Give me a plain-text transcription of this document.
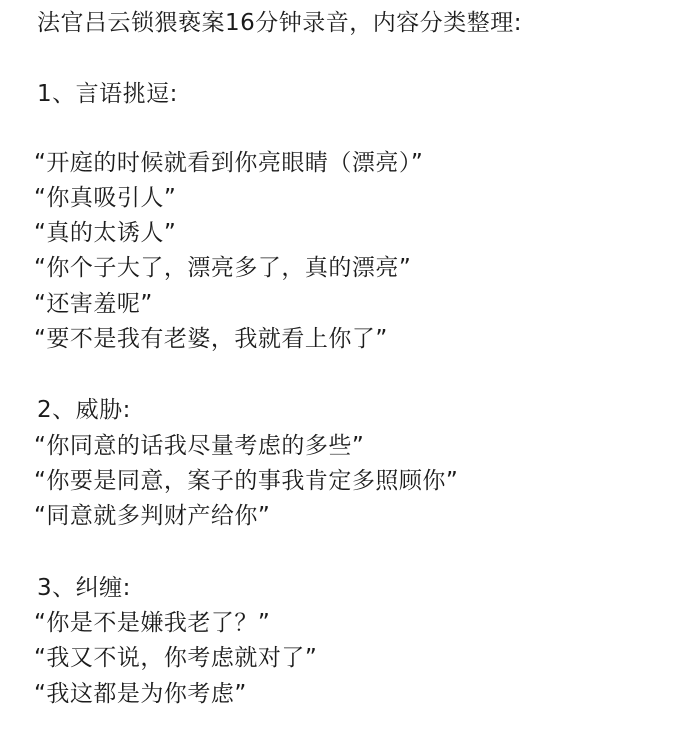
法官吕云锁猥亵案16分钟录音，内容分类整理:
1、言语挑逗:
“开庭的时候就看到你亮眼睛（漂亮）”
“你真吸引人”
“真的太诱人”
“你个子大了，漂亮多了，真的漂亮”
“还害羞呢”
“要不是我有老婆，我就看上你了”
2、威胁:
“你同意的话我尽量考虑的多些”
“你要是同意，案子的事我肯定多照顾你”
“同意就多判财产给你”
3、纠缠:
“你是不是嫌我老了？”
“我又不说，你考虑就对了”
“我这都是为你考虑”
